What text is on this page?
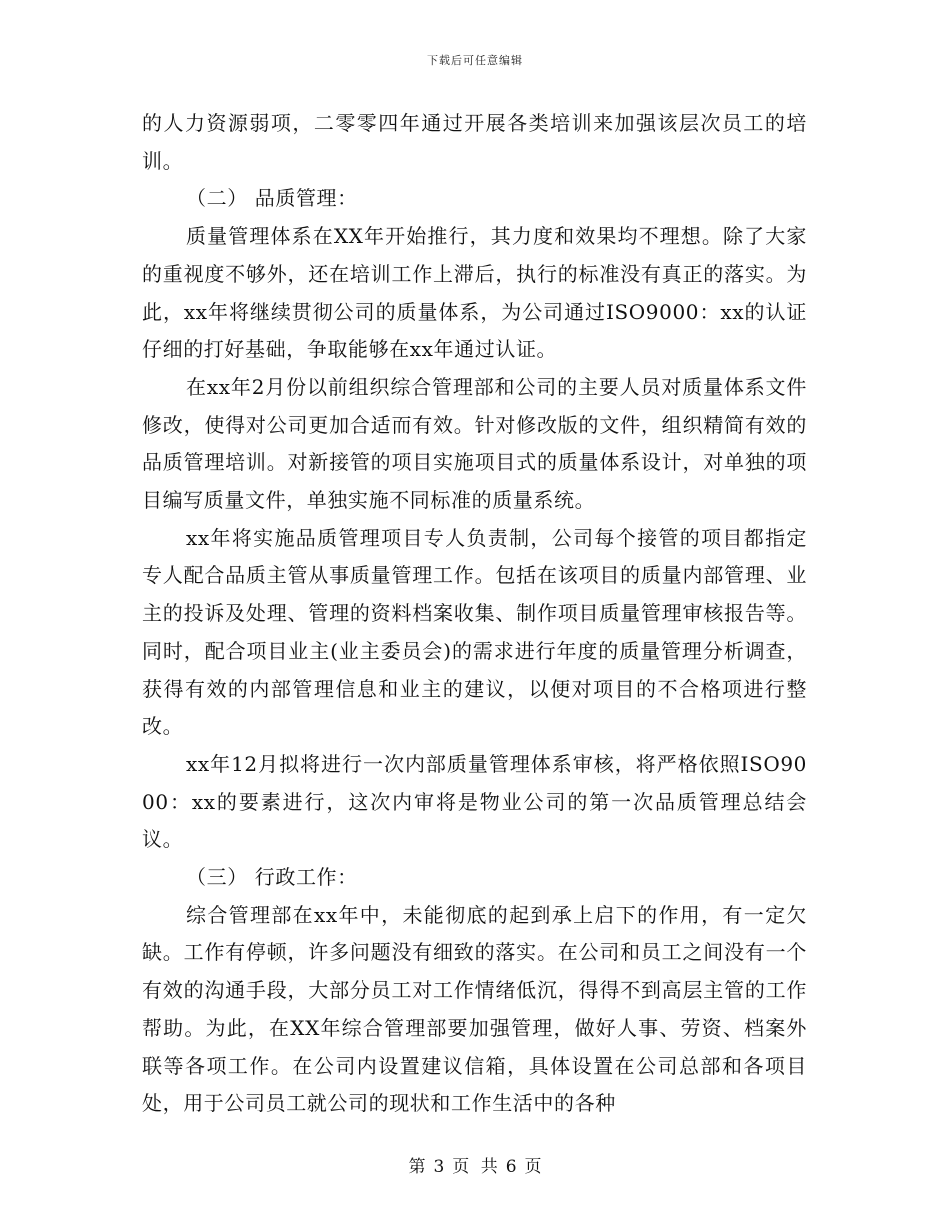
下载后可任意编辑

的人力资源弱项，二零零四年通过开展各类培训来加强该层次员工的培训。

（二） 品质管理：

质量管理体系在XX年开始推行，其力度和效果均不理想。除了大家的重视度不够外，还在培训工作上滞后，执行的标准没有真正的落实。为此，xx年将继续贯彻公司的质量体系，为公司通过ISO9000：xx的认证仔细的打好基础，争取能够在xx年通过认证。

在xx年2月份以前组织综合管理部和公司的主要人员对质量体系文件修改，使得对公司更加合适而有效。针对修改版的文件，组织精简有效的品质管理培训。对新接管的项目实施项目式的质量体系设计，对单独的项目编写质量文件，单独实施不同标准的质量系统。

xx年将实施品质管理项目专人负责制，公司每个接管的项目都指定专人配合品质主管从事质量管理工作。包括在该项目的质量内部管理、业主的投诉及处理、管理的资料档案收集、制作项目质量管理审核报告等。同时，配合项目业主(业主委员会)的需求进行年度的质量管理分析调查，获得有效的内部管理信息和业主的建议，以便对项目的不合格项进行整改。

xx年12月拟将进行一次内部质量管理体系审核，将严格依照ISO9000：xx的要素进行，这次内审将是物业公司的第一次品质管理总结会议。

（三） 行政工作：

综合管理部在xx年中，未能彻底的起到承上启下的作用，有一定欠缺。工作有停顿，许多问题没有细致的落实。在公司和员工之间没有一个有效的沟通手段，大部分员工对工作情绪低沉，得得不到高层主管的工作帮助。为此，在XX年综合管理部要加强管理，做好人事、劳资、档案外联等各项工作。在公司内设置建议信箱，具体设置在公司总部和各项目处，用于公司员工就公司的现状和工作生活中的各种

第 3 页 共 6 页
